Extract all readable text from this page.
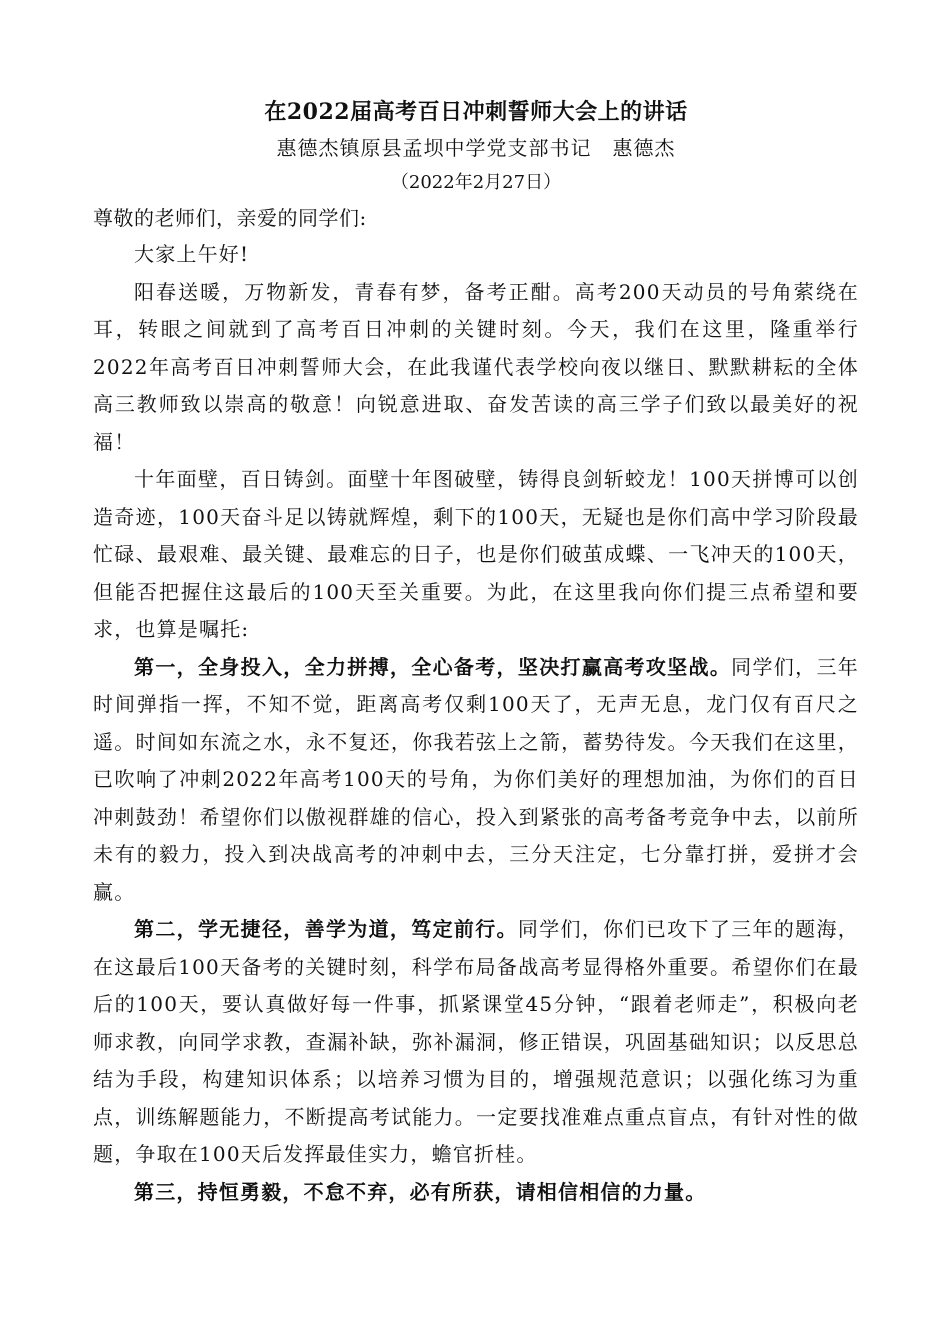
在2022届高考百日冲刺誓师大会上的讲话
惠德杰镇原县孟坝中学党支部书记　惠德杰
（2022年2月27日）
尊敬的老师们，亲爱的同学们:

大家上午好!

阳春送暖，万物新发，青春有梦，备考正酣。高考200天动员的号角萦绕在耳，转眼之间就到了高考百日冲刺的关键时刻。今天，我们在这里，隆重举行2022年高考百日冲刺誓师大会，在此我谨代表学校向夜以继日、默默耕耘的全体高三教师致以崇高的敬意！向锐意进取、奋发苦读的高三学子们致以最美好的祝福！

十年面壁，百日铸剑。面壁十年图破壁，铸得良剑斩蛟龙！100天拼博可以创造奇迹，100天奋斗足以铸就辉煌，剩下的100天，无疑也是你们高中学习阶段最忙碌、最艰难、最关键、最难忘的日子，也是你们破茧成蝶、一飞冲天的100天，但能否把握住这最后的100天至关重要。为此，在这里我向你们提三点希望和要求，也算是嘱托:

第一，全身投入，全力拼搏，全心备考，坚决打赢高考攻坚战。同学们，三年时间弹指一挥，不知不觉，距离高考仅剩100天了，无声无息，龙门仅有百尺之遥。时间如东流之水，永不复还，你我若弦上之箭，蓄势待发。今天我们在这里，已吹响了冲刺2022年高考100天的号角，为你们美好的理想加油，为你们的百日冲刺鼓劲！希望你们以傲视群雄的信心，投入到紧张的高考备考竞争中去，以前所未有的毅力，投入到决战高考的冲刺中去，三分天注定，七分靠打拼，爱拼才会赢。

第二，学无捷径，善学为道，笃定前行。同学们，你们已攻下了三年的题海，在这最后100天备考的关键时刻，科学布局备战高考显得格外重要。希望你们在最后的100天，要认真做好每一件事，抓紧课堂45分钟，“跟着老师走”，积极向老师求教，向同学求教，查漏补缺，弥补漏洞，修正错误，巩固基础知识；以反思总结为手段，构建知识体系；以培养习惯为目的，增强规范意识；以强化练习为重点，训练解题能力，不断提高考试能力。一定要找准难点重点盲点，有针对性的做题，争取在100天后发挥最佳实力，蟾官折桂。

第三，持恒勇毅，不怠不弃，必有所获，请相信相信的力量。
